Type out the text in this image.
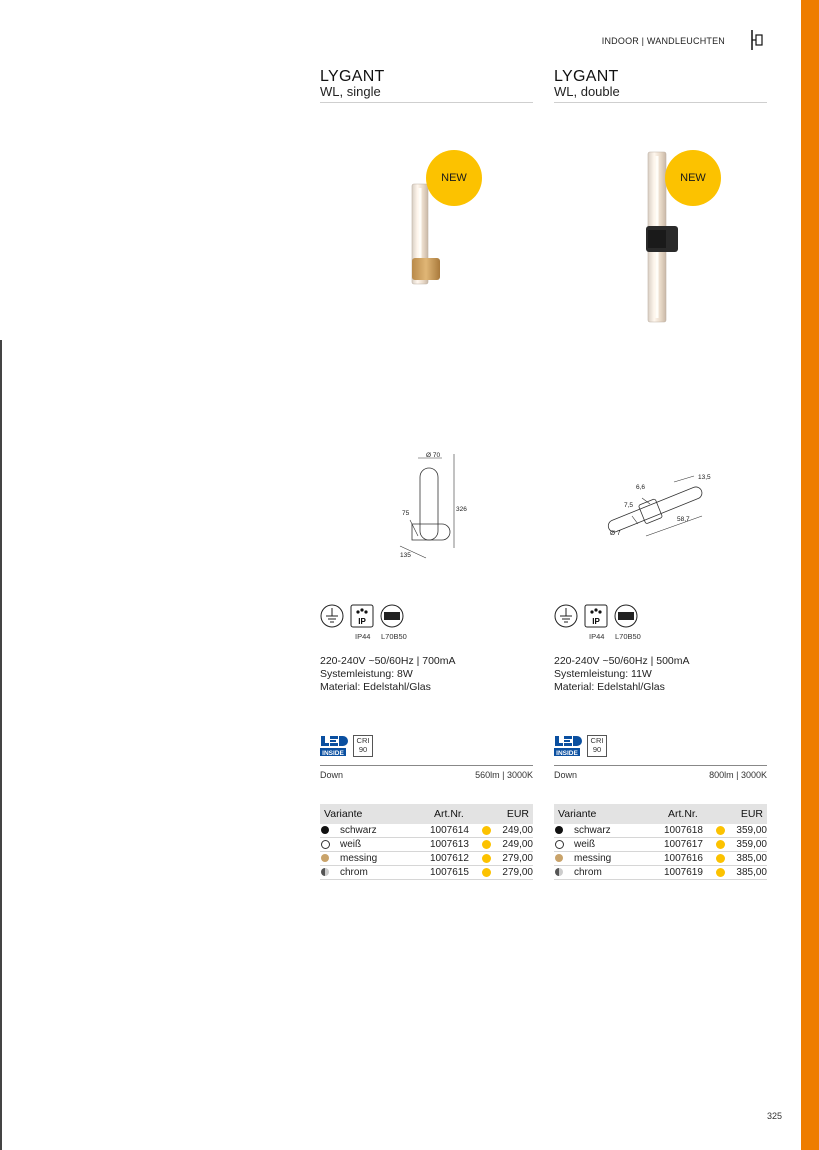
INDOOR | WANDLEUCHTEN
LYGANT
WL, single
NEW
Ø 70
326
75
135
IP
IP44 L70B50
220-240V ~50/60Hz | 700mA
Systemleistung: 8W
Material: Edelstahl/Glas
INSIDE
CRI
90
Down	560lm | 3000K
Variante		Art.Nr.		EUR
	schwarz	1007614		249,00
	weiß	1007613		249,00
	messing	1007612		279,00
	chrom	1007615		279,00
LYGANT
WL, double
NEW
13,5
6,6
7,5
58,7
Ø 7
IP
IP44 L70B50
220-240V ~50/60Hz | 500mA
Systemleistung: 11W
Material: Edelstahl/Glas
INSIDE
CRI
90
Down	800lm | 3000K
Variante		Art.Nr.		EUR
	schwarz	1007618		359,00
	weiß	1007617		359,00
	messing	1007616		385,00
	chrom	1007619		385,00
325
